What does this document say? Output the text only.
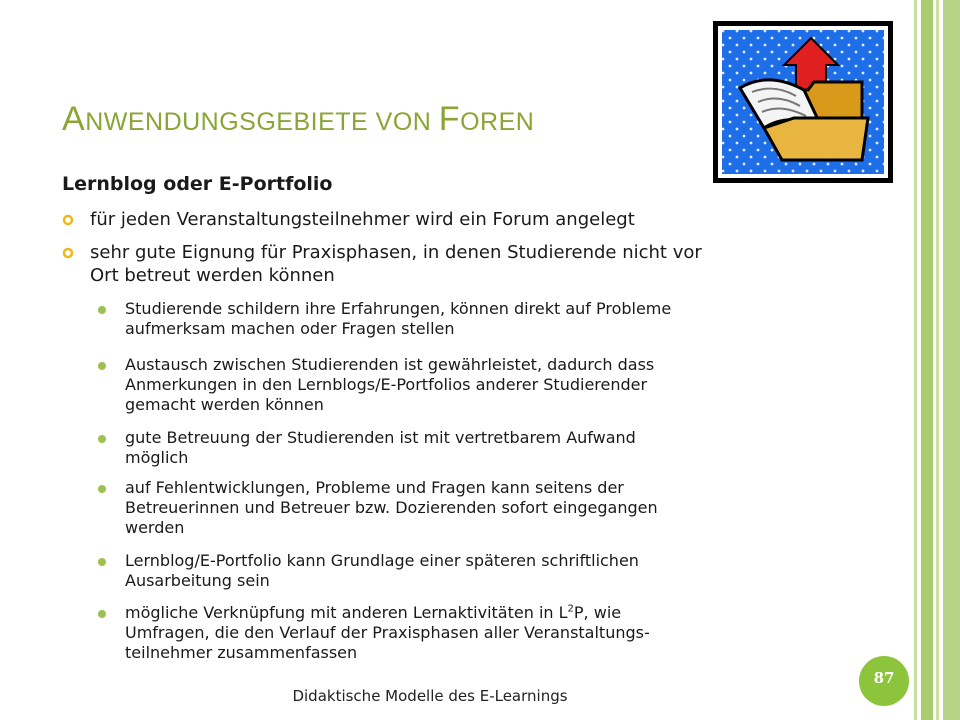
ANWENDUNGSGEBIETE VON FOREN
Lernblog oder E-Portfolio
für jeden Veranstaltungsteilnehmer wird ein Forum angelegt
sehr gute Eignung für Praxisphasen, in denen Studierende nicht vor
Ort betreut werden können
Studierende schildern ihre Erfahrungen, können direkt auf Probleme
aufmerksam machen oder Fragen stellen
Austausch zwischen Studierenden ist gewährleistet, dadurch dass
Anmerkungen in den Lernblogs/E-Portfolios anderer Studierender
gemacht werden können
gute Betreuung der Studierenden ist mit vertretbarem Aufwand
möglich
auf Fehlentwicklungen, Probleme und Fragen kann seitens der
Betreuerinnen und Betreuer bzw. Dozierenden sofort eingegangen
werden
Lernblog/E-Portfolio kann Grundlage einer späteren schriftlichen
Ausarbeitung sein
mögliche Verknüpfung mit anderen Lernaktivitäten in $L^2P$, wie
Umfragen, die den Verlauf der Praxisphasen aller Veranstaltungs-
teilnehmer zusammenfassen
Didaktische Modelle des E-Learnings
87
